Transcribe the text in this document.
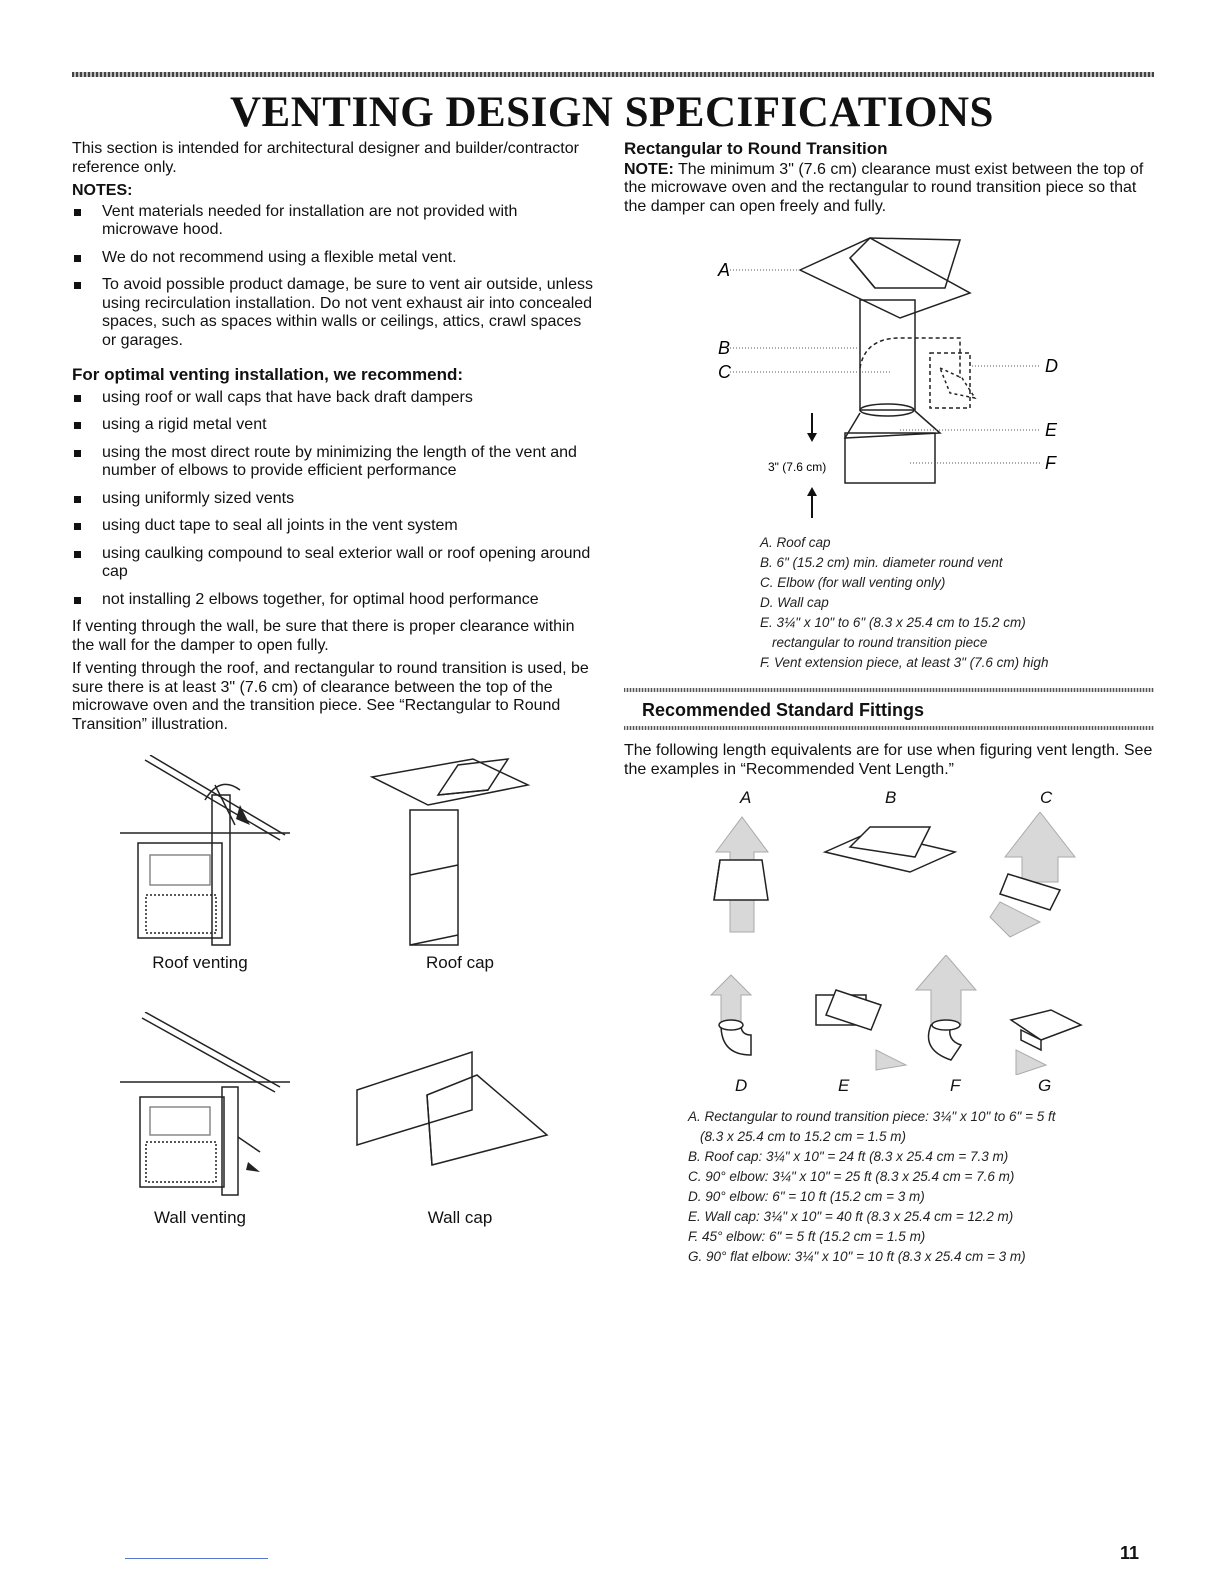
VENTING DESIGN SPECIFICATIONS

This section is intended for architectural designer and builder/contractor reference only.

NOTES:
Vent materials needed for installation are not provided with microwave hood.
We do not recommend using a flexible metal vent.
To avoid possible product damage, be sure to vent air outside, unless using recirculation installation. Do not vent exhaust air into concealed spaces, such as spaces within walls or ceilings, attics, crawl spaces or garages.
For optimal venting installation, we recommend:
using roof or wall caps that have back draft dampers
using a rigid metal vent
using the most direct route by minimizing the length of the vent and number of elbows to provide efficient performance
using uniformly sized vents
using duct tape to seal all joints in the vent system
using caulking compound to seal exterior wall or roof opening around cap
not installing 2 elbows together, for optimal hood performance

If venting through the wall, be sure that there is proper clearance within the wall for the damper to open fully.

If venting through the roof, and rectangular to round transition is used, be sure there is at least 3" (7.6 cm) of clearance between the top of the microwave oven and the transition piece. See “Rectangular to Round Transition” illustration.

Roof venting	Roof cap
Wall venting	Wall cap
Rectangular to Round Transition

NOTE: The minimum 3" (7.6 cm) clearance must exist between the top of the microwave oven and the rectangular to round transition piece so that the damper can open freely and fully.

A
B
C	D
E
F
3" (7.6 cm)
A. Roof cap
B. 6" (15.2 cm) min. diameter round vent
C. Elbow (for wall venting only)
D. Wall cap
E. 3¼" x 10" to 6" (8.3 x 25.4 cm to 15.2 cm)
rectangular to round transition piece
F. Vent extension piece, at least 3" (7.6 cm) high
Recommended Standard Fittings
The following length equivalents are for use when figuring vent length. See the examples in “Recommended Vent Length.”
A	B	C
D	E	F	G
A. Rectangular to round transition piece: 3¼" x 10" to 6" = 5 ft
(8.3 x 25.4 cm to 15.2 cm = 1.5 m)
B. Roof cap: 3¼" x 10" = 24 ft (8.3 x 25.4 cm = 7.3 m)
C. 90° elbow: 3¼" x 10" = 25 ft (8.3 x 25.4 cm = 7.6 m)
D. 90° elbow: 6" = 10 ft (15.2 cm = 3 m)
E. Wall cap: 3¼" x 10" = 40 ft (8.3 x 25.4 cm = 12.2 m)
F. 45° elbow: 6" = 5 ft (15.2 cm = 1.5 m)
G. 90° flat elbow: 3¼" x 10" = 10 ft (8.3 x 25.4 cm = 3 m)
11
